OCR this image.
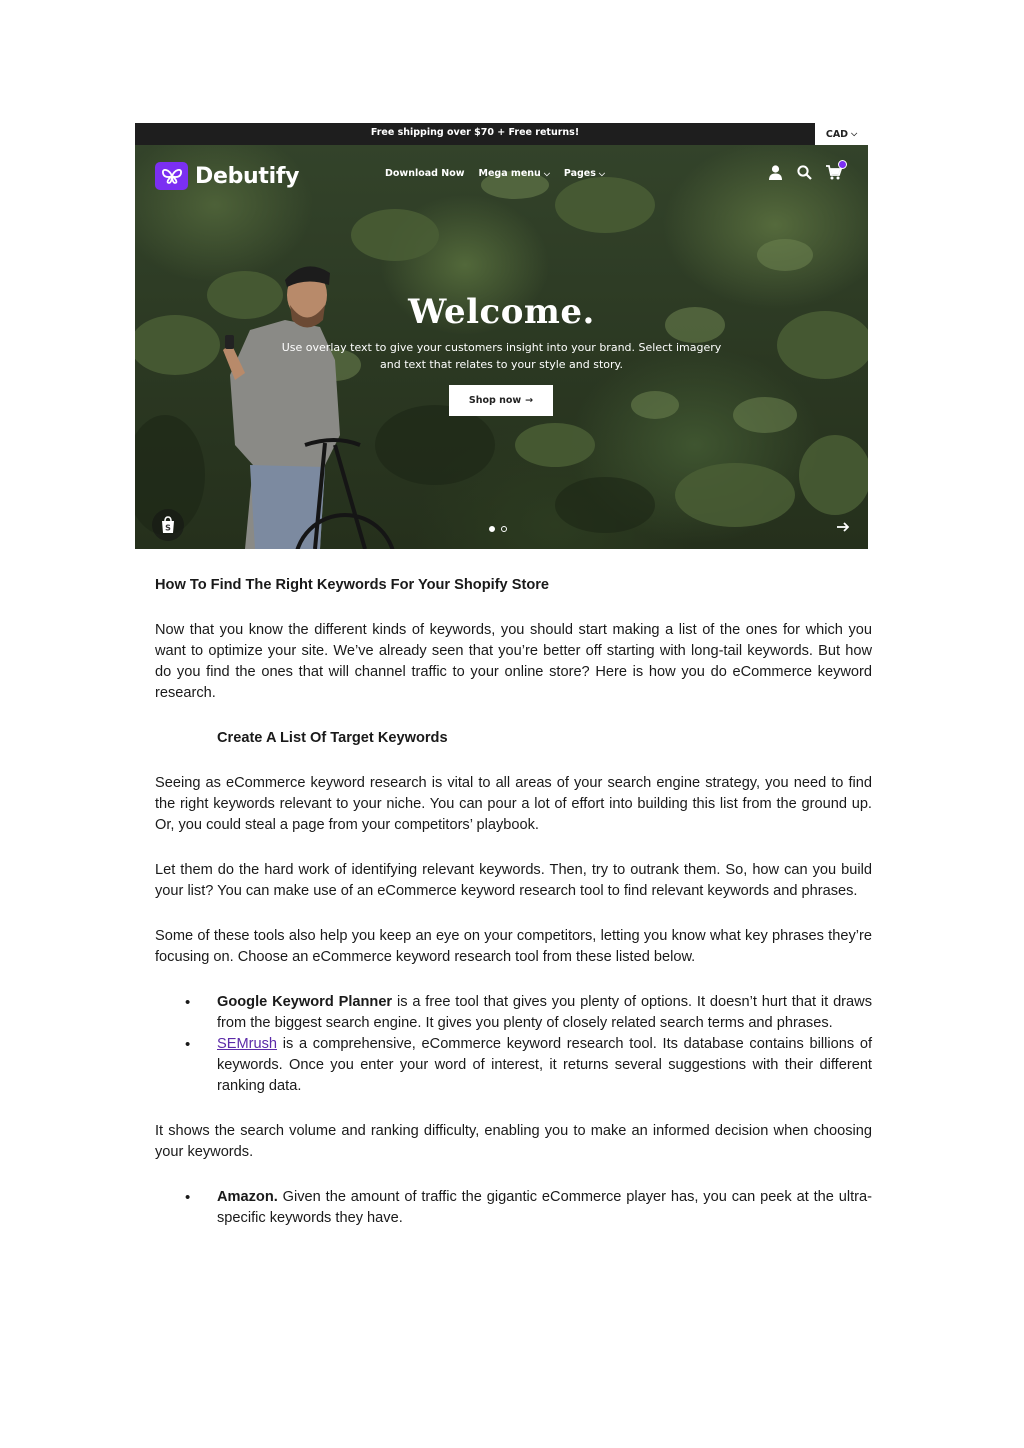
Free shipping over $70 + Free returns!	CAD ⌵
Debutify	Download Now Mega menu ⌵ Pages ⌵
Welcome.
Use overlay text to give your customers insight into your brand. Select imagery and text that relates to your style and story.
Shop now →
S
How To Find The Right Keywords For Your Shopify Store

Now that you know the different kinds of keywords, you should start making a list of the ones for which you want to optimize your site. We’ve already seen that you’re better off starting with long-tail keywords. But how do you find the ones that will channel traffic to your online store? Here is how you do eCommerce keyword research.

Create A List Of Target Keywords

Seeing as eCommerce keyword research is vital to all areas of your search engine strategy, you need to find the right keywords relevant to your niche. You can pour a lot of effort into building this list from the ground up. Or, you could steal a page from your competitors’ playbook.

Let them do the hard work of identifying relevant keywords. Then, try to outrank them. So, how can you build your list? You can make use of an eCommerce keyword research tool to find relevant keywords and phrases.

Some of these tools also help you keep an eye on your competitors, letting you know what key phrases they’re focusing on. Choose an eCommerce keyword research tool from these listed below.

• Google Keyword Planner is a free tool that gives you plenty of options. It doesn’t hurt that it draws from the biggest search engine. It gives you plenty of closely related search terms and phrases.
• SEMrush is a comprehensive, eCommerce keyword research tool. Its database contains billions of keywords. Once you enter your word of interest, it returns several suggestions with their different ranking data.

It shows the search volume and ranking difficulty, enabling you to make an informed decision when choosing your keywords.

• Amazon. Given the amount of traffic the gigantic eCommerce player has, you can peek at the ultra-specific keywords they have.
